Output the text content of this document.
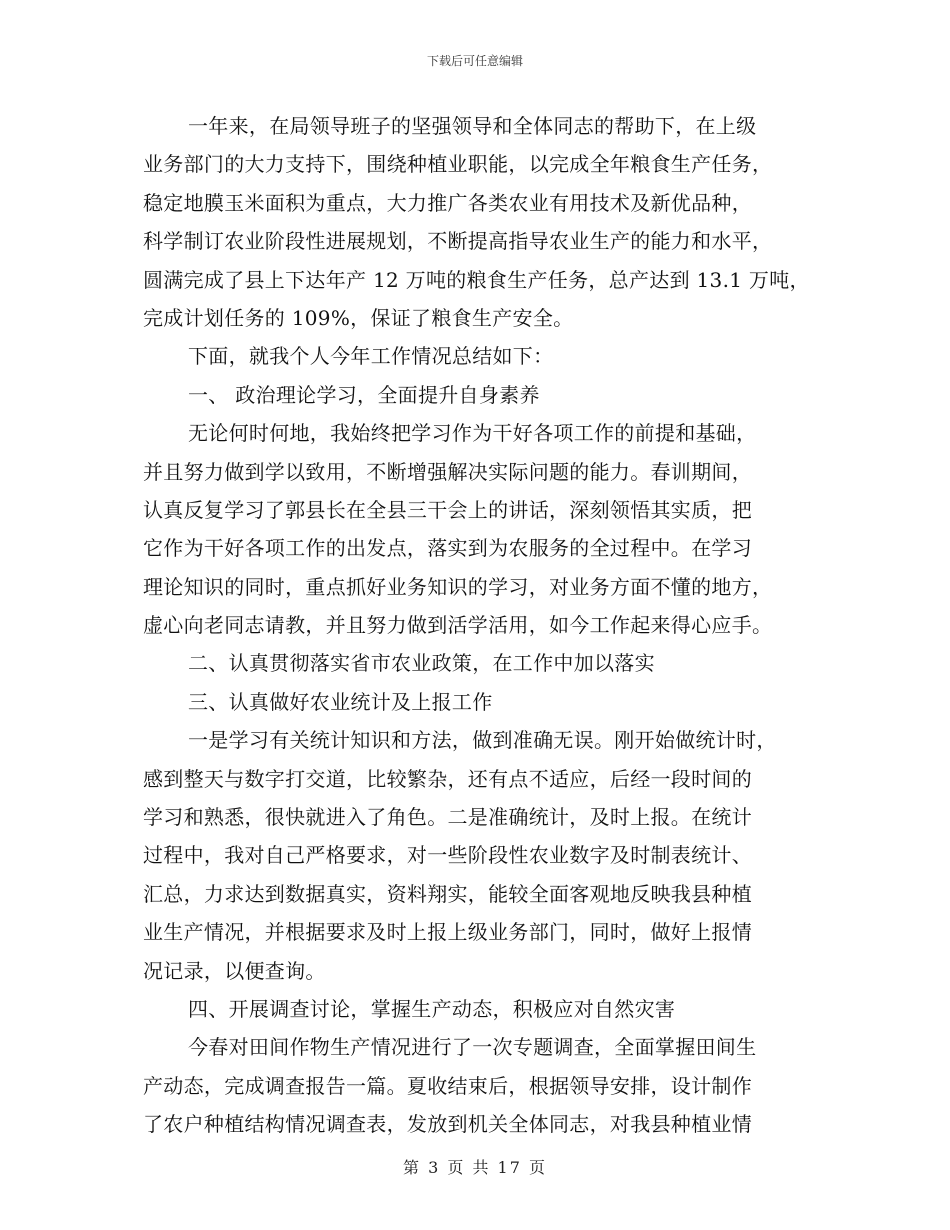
下载后可任意编辑
一年来，在局领导班子的坚强领导和全体同志的帮助下，在上级
业务部门的大力支持下，围绕种植业职能，以完成全年粮食生产任务，
稳定地膜玉米面积为重点，大力推广各类农业有用技术及新优品种，
科学制订农业阶段性进展规划，不断提高指导农业生产的能力和水平，
圆满完成了县上下达年产 12 万吨的粮食生产任务，总产达到 13.1 万吨，
完成计划任务的 109%，保证了粮食生产安全。
下面，就我个人今年工作情况总结如下：
一、 政治理论学习，全面提升自身素养
无论何时何地，我始终把学习作为干好各项工作的前提和基础，
并且努力做到学以致用，不断增强解决实际问题的能力。春训期间，
认真反复学习了郭县长在全县三干会上的讲话，深刻领悟其实质，把
它作为干好各项工作的出发点，落实到为农服务的全过程中。在学习
理论知识的同时，重点抓好业务知识的学习，对业务方面不懂的地方，
虚心向老同志请教，并且努力做到活学活用，如今工作起来得心应手。
二、认真贯彻落实省市农业政策，在工作中加以落实
三、认真做好农业统计及上报工作
一是学习有关统计知识和方法，做到准确无误。刚开始做统计时，
感到整天与数字打交道，比较繁杂，还有点不适应，后经一段时间的
学习和熟悉，很快就进入了角色。二是准确统计，及时上报。在统计
过程中，我对自己严格要求，对一些阶段性农业数字及时制表统计、
汇总，力求达到数据真实，资料翔实，能较全面客观地反映我县种植
业生产情况，并根据要求及时上报上级业务部门，同时，做好上报情
况记录，以便查询。
四、开展调查讨论，掌握生产动态，积极应对自然灾害
今春对田间作物生产情况进行了一次专题调查，全面掌握田间生
产动态，完成调查报告一篇。夏收结束后，根据领导安排，设计制作
了农户种植结构情况调查表，发放到机关全体同志，对我县种植业情
第 3 页 共 17 页
